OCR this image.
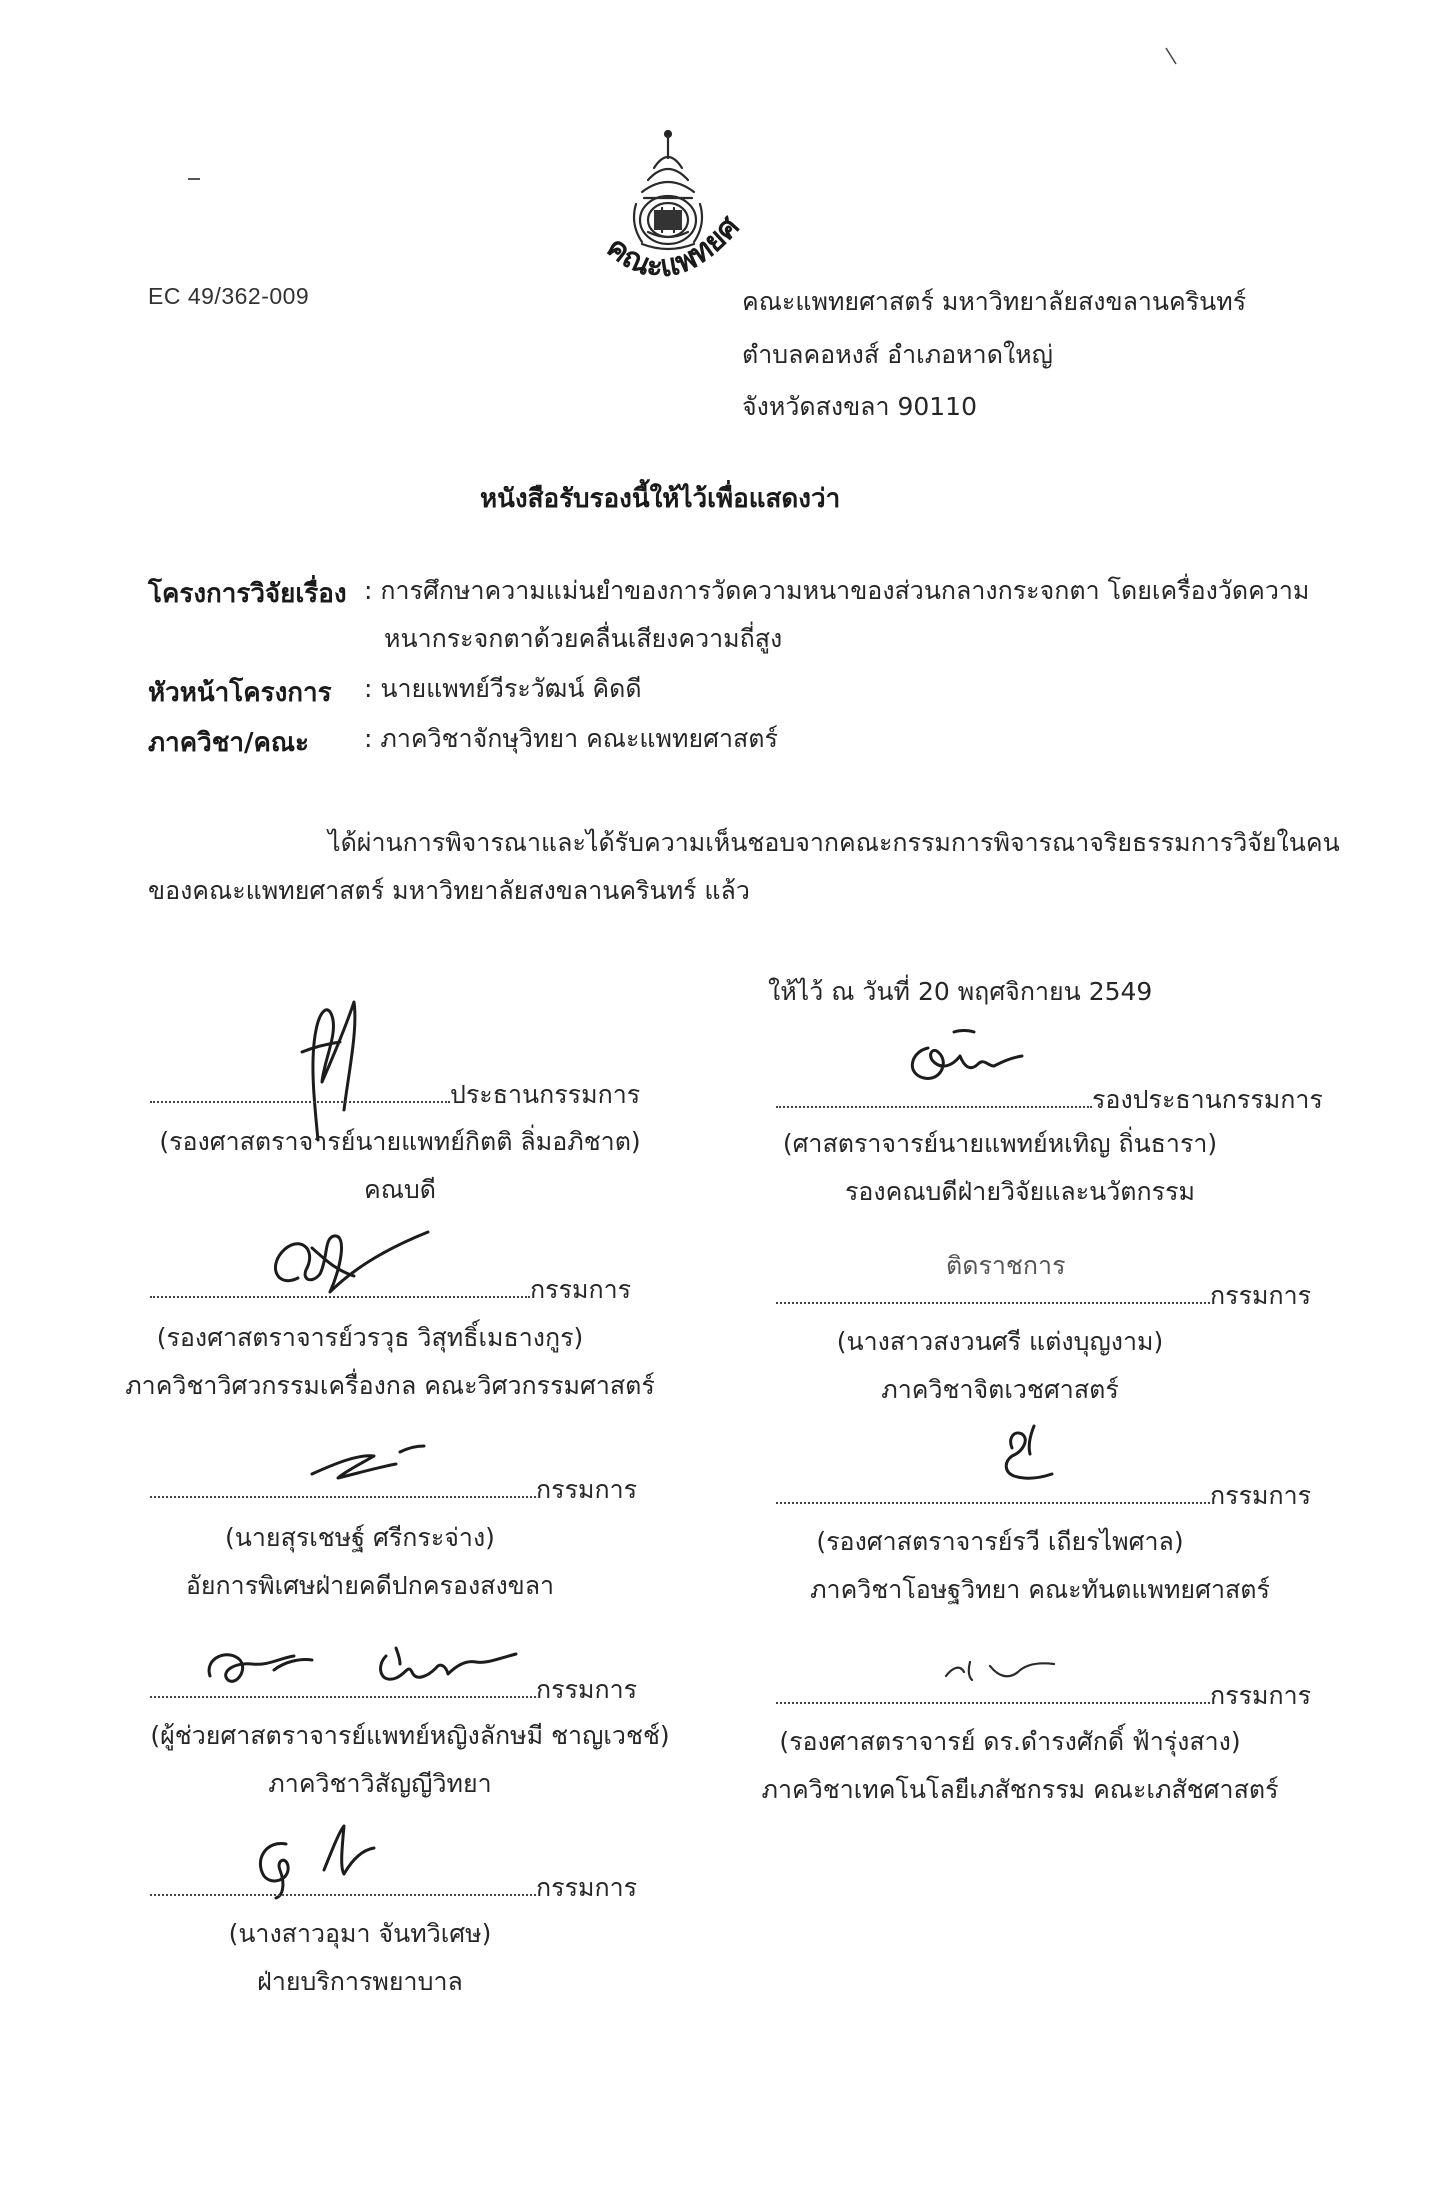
EC 49/362-009
คณะแพทยศ
คณะแพทยศาสตร์ มหาวิทยาลัยสงขลานครินทร์
ตำบลคอหงส์ อำเภอหาดใหญ่
จังหวัดสงขลา 90110
หนังสือรับรองนี้ให้ไว้เพื่อแสดงว่า
โครงการวิจัยเรื่อง : การศึกษาความแม่นยำของการวัดความหนาของส่วนกลางกระจกตา โดยเครื่องวัดความ
หนากระจกตาด้วยคลื่นเสียงความถี่สูง
หัวหน้าโครงการ : นายแพทย์วีระวัฒน์ คิดดี
ภาควิชา/คณะ : ภาควิชาจักษุวิทยา คณะแพทยศาสตร์
ได้ผ่านการพิจารณาและได้รับความเห็นชอบจากคณะกรรมการพิจารณาจริยธรรมการวิจัยในคน
ของคณะแพทยศาสตร์ มหาวิทยาลัยสงขลานครินทร์ แล้ว
ให้ไว้ ณ วันที่ 20 พฤศจิกายน 2549
ประธานกรรมการ
(รองศาสตราจารย์นายแพทย์กิตติ ลิ่มอภิชาต)
คณบดี
กรรมการ
(รองศาสตราจารย์วรวุธ วิสุทธิ์เมธางกูร)
ภาควิชาวิศวกรรมเครื่องกล คณะวิศวกรรมศาสตร์
กรรมการ
(นายสุรเชษฐ์ ศรีกระจ่าง)
อัยการพิเศษฝ่ายคดีปกครองสงขลา
กรรมการ
(ผู้ช่วยศาสตราจารย์แพทย์หญิงลักษมี ชาญเวชช์)
ภาควิชาวิสัญญีวิทยา
กรรมการ
(นางสาวอุมา จันทวิเศษ)
ฝ่ายบริการพยาบาล
รองประธานกรรมการ
(ศาสตราจารย์นายแพทย์หเทิญ ถิ่นธารา)
รองคณบดีฝ่ายวิจัยและนวัตกรรม
ติดราชการ
กรรมการ
(นางสาวสงวนศรี แต่งบุญงาม)
ภาควิชาจิตเวชศาสตร์
กรรมการ
(รองศาสตราจารย์รวี เถียรไพศาล)
ภาควิชาโอษฐวิทยา คณะทันตแพทยศาสตร์
กรรมการ
(รองศาสตราจารย์ ดร.ดำรงศักดิ์ ฟ้ารุ่งสาง)
ภาควิชาเทคโนโลยีเภสัชกรรม คณะเภสัชศาสตร์
